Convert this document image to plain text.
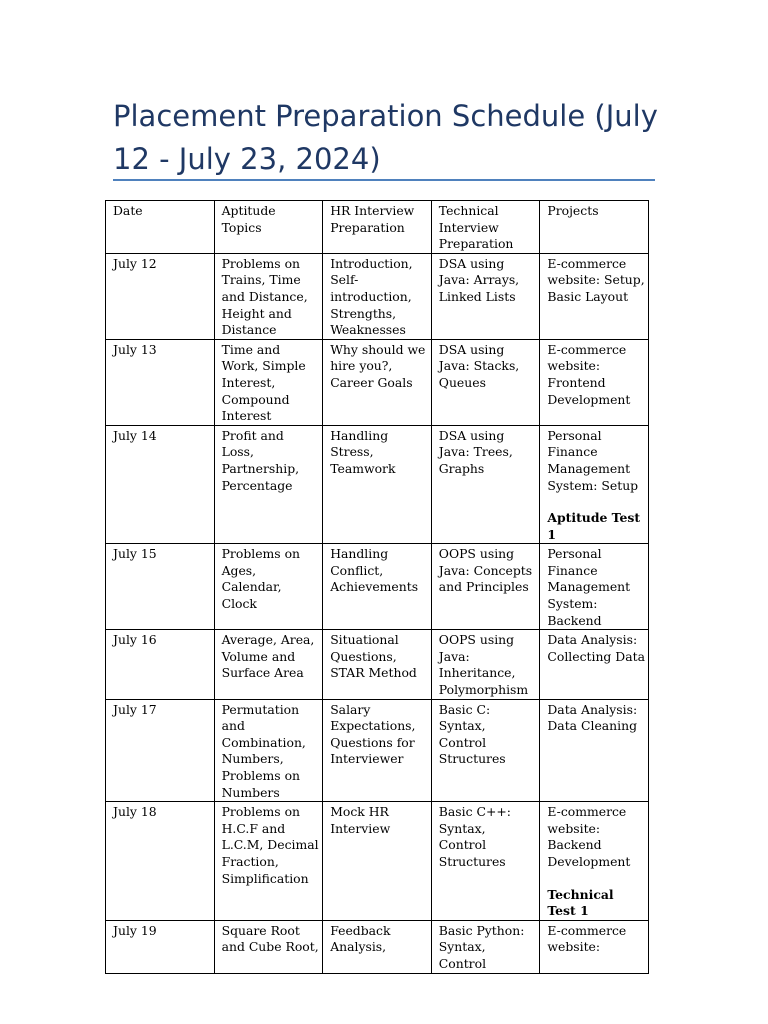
Placement Preparation Schedule (July 12 - July 23, 2024)
Date	Aptitude Topics	HR Interview Preparation	Technical Interview Preparation	Projects

July 12	Problems on Trains, Time and Distance, Height and Distance	Introduction, Self-introduction, Strengths, Weaknesses	DSA using Java: Arrays, Linked Lists	E-commerce website: Setup, Basic Layout

July 13	Time and Work, Simple Interest, Compound Interest	Why should we hire you?, Career Goals	DSA using Java: Stacks, Queues	E-commerce website: Frontend Development

July 14	Profit and Loss, Partnership, Percentage	Handling Stress, Teamwork	DSA using Java: Trees, Graphs	Personal Finance Management System: Setup
Aptitude Test 1

July 15	Problems on Ages, Calendar, Clock	Handling Conflict, Achievements	OOPS using Java: Concepts and Principles	Personal Finance Management System: Backend

July 16	Average, Area, Volume and Surface Area	Situational Questions, STAR Method	OOPS using Java: Inheritance, Polymorphism	Data Analysis: Collecting Data

July 17	Permutation and Combination, Numbers, Problems on Numbers	Salary Expectations, Questions for Interviewer	Basic C: Syntax, Control Structures	Data Analysis: Data Cleaning

July 18	Problems on H.C.F and L.C.M, Decimal Fraction, Simplification	Mock HR Interview	Basic C++: Syntax, Control Structures	E-commerce website: Backend Development
Technical Test 1

July 19	Square Root and Cube Root,	Feedback Analysis,	Basic Python: Syntax, Control	E-commerce website:
